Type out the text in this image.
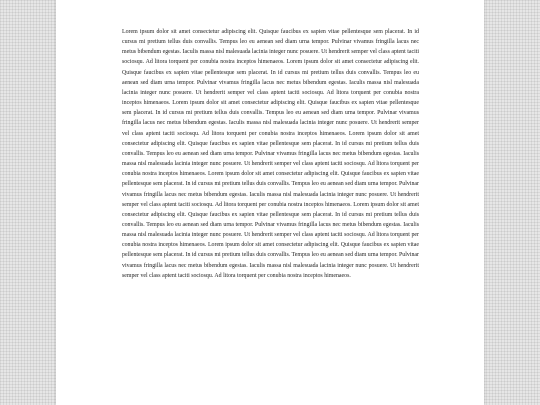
Lorem ipsum dolor sit amet consectetur adipiscing elit. Quisque faucibus ex sapien vitae pellentesque sem placerat. In id cursus mi pretium tellus duis convallis. Tempus leo eu aenean sed diam urna tempor. Pulvinar vivamus fringilla lacus nec metus bibendum egestas. Iaculis massa nisl malesuada lacinia integer nunc posuere. Ut hendrerit semper vel class aptent taciti sociosqu. Ad litora torquent per conubia nostra inceptos himenaeos. Lorem ipsum dolor sit amet consectetur adipiscing elit. Quisque faucibus ex sapien vitae pellentesque sem placerat. In id cursus mi pretium tellus duis convallis. Tempus leo eu aenean sed diam urna tempor. Pulvinar vivamus fringilla lacus nec metus bibendum egestas. Iaculis massa nisl malesuada lacinia integer nunc posuere. Ut hendrerit semper vel class aptent taciti sociosqu. Ad litora torquent per conubia nostra inceptos himenaeos. Lorem ipsum dolor sit amet consectetur adipiscing elit. Quisque faucibus ex sapien vitae pellentesque sem placerat. In id cursus mi pretium tellus duis convallis. Tempus leo eu aenean sed diam urna tempor. Pulvinar vivamus fringilla lacus nec metus bibendum egestas. Iaculis massa nisl malesuada lacinia integer nunc posuere. Ut hendrerit semper vel class aptent taciti sociosqu. Ad litora torquent per conubia nostra inceptos himenaeos. Lorem ipsum dolor sit amet consectetur adipiscing elit. Quisque faucibus ex sapien vitae pellentesque sem placerat. In id cursus mi pretium tellus duis convallis. Tempus leo eu aenean sed diam urna tempor. Pulvinar vivamus fringilla lacus nec metus bibendum egestas. Iaculis massa nisl malesuada lacinia integer nunc posuere. Ut hendrerit semper vel class aptent taciti sociosqu. Ad litora torquent per conubia nostra inceptos himenaeos. Lorem ipsum dolor sit amet consectetur adipiscing elit. Quisque faucibus ex sapien vitae pellentesque sem placerat. In id cursus mi pretium tellus duis convallis. Tempus leo eu aenean sed diam urna tempor. Pulvinar vivamus fringilla lacus nec metus bibendum egestas. Iaculis massa nisl malesuada lacinia integer nunc posuere. Ut hendrerit semper vel class aptent taciti sociosqu. Ad litora torquent per conubia nostra inceptos himenaeos. Lorem ipsum dolor sit amet consectetur adipiscing elit. Quisque faucibus ex sapien vitae pellentesque sem placerat. In id cursus mi pretium tellus duis convallis. Tempus leo eu aenean sed diam urna tempor. Pulvinar vivamus fringilla lacus nec metus bibendum egestas. Iaculis massa nisl malesuada lacinia integer nunc posuere. Ut hendrerit semper vel class aptent taciti sociosqu. Ad litora torquent per conubia nostra inceptos himenaeos. Lorem ipsum dolor sit amet consectetur adipiscing elit. Quisque faucibus ex sapien vitae pellentesque sem placerat. In id cursus mi pretium tellus duis convallis. Tempus leo eu aenean sed diam urna tempor. Pulvinar vivamus fringilla lacus nec metus bibendum egestas. Iaculis massa nisl malesuada lacinia integer nunc posuere. Ut hendrerit semper vel class aptent taciti sociosqu. Ad litora torquent per conubia nostra inceptos himenaeos.
